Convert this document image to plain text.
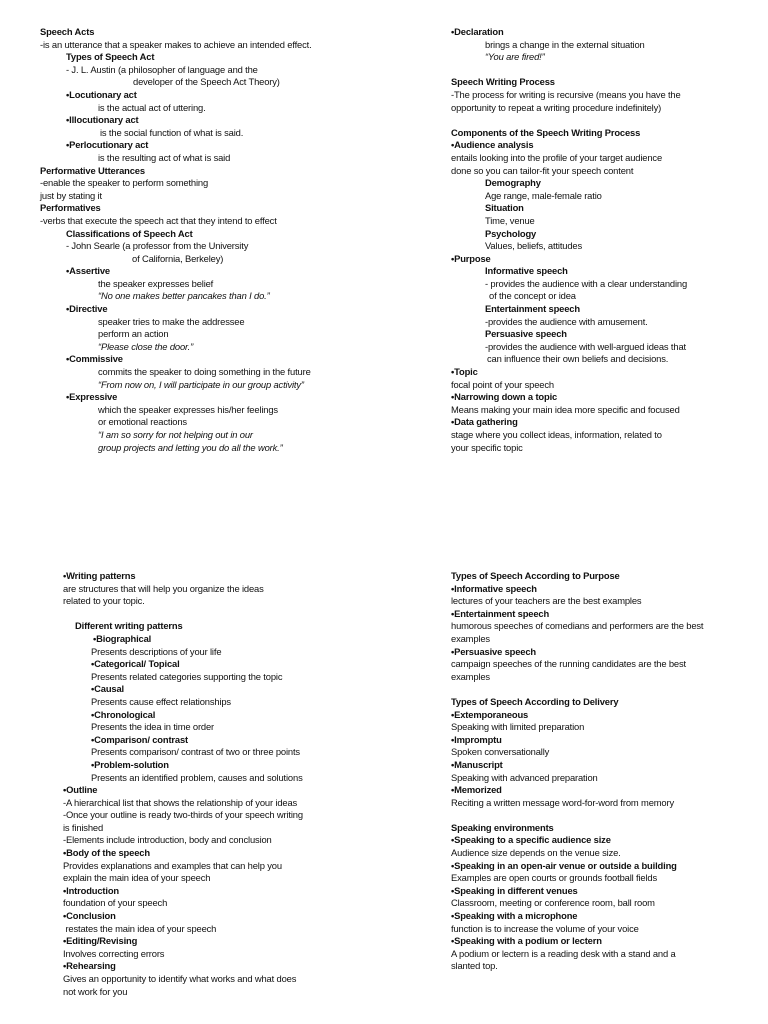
Speech Acts
-is an utterance that a speaker makes to achieve an intended effect.
Types of Speech Act
- J. L. Austin (a philosopher of language and the
developer of the Speech Act Theory)
•Locutionary act
is the actual act of uttering.
•Illocutionary act
is the social function of what is said.
•Perlocutionary act
is the resulting act of what is said
Performative Utterances
-enable the speaker to perform something
just by stating it
Performatives
-verbs that execute the speech act that they intend to effect
Classifications of Speech Act
- John Searle (a professor from the University
of California, Berkeley)
•Assertive
the speaker expresses belief
“No one makes better pancakes than I do.”
•Directive
speaker tries to make the addressee
perform an action
“Please close the door.”
•Commissive
commits the speaker to doing something in the future
“From now on, I will participate in our group activity”
•Expressive
which the speaker expresses his/her feelings
or emotional reactions
“I am so sorry for not helping out in our
group projects and letting you do all the work.”
•Declaration
brings a change in the external situation
“You are fired!”
Speech Writing Process
-The process for writing is recursive (means you have the
opportunity to repeat a writing procedure indefinitely)
Components of the Speech Writing Process
•Audience analysis
entails looking into the profile of your target audience
done so you can tailor-fit your speech content
Demography
Age range, male-female ratio
Situation
Time, venue
Psychology
Values, beliefs, attitudes
•Purpose
Informative speech
- provides the audience with a clear understanding
of the concept or idea
Entertainment speech
-provides the audience with amusement.
Persuasive speech
-provides the audience with well-argued ideas that
can influence their own beliefs and decisions.
•Topic
focal point of your speech
•Narrowing down a topic
Means making your main idea more specific and focused
•Data gathering
stage where you collect ideas, information, related to
your specific topic
•Writing patterns
are structures that will help you organize the ideas
related to your topic.
Different writing patterns
•Biographical
Presents descriptions of your life
•Categorical/ Topical
Presents related categories supporting the topic
•Causal
Presents cause effect relationships
•Chronological
Presents the idea in time order
•Comparison/ contrast
Presents comparison/ contrast of two or three points
•Problem-solution
Presents an identified problem, causes and solutions
•Outline
-A hierarchical list that shows the relationship of your ideas
-Once your outline is ready two-thirds of your speech writing
is finished
-Elements include introduction, body and conclusion
•Body of the speech
Provides explanations and examples that can help you
explain the main idea of your speech
•Introduction
foundation of your speech
•Conclusion
restates the main idea of your speech
•Editing/Revising
Involves correcting errors
•Rehearsing
Gives an opportunity to identify what works and what does
not work for you
Types of Speech According to Purpose
•Informative speech
lectures of your teachers are the best examples
•Entertainment speech
humorous speeches of comedians and performers are the best
examples
•Persuasive speech
campaign speeches of the running candidates are the best
examples
Types of Speech According to Delivery
•Extemporaneous
Speaking with limited preparation
•Impromptu
Spoken conversationally
•Manuscript
Speaking with advanced preparation
•Memorized
Reciting a written message word-for-word from memory
Speaking environments
•Speaking to a specific audience size
Audience size depends on the venue size.
•Speaking in an open-air venue or outside a building
Examples are open courts or grounds football fields
•Speaking in different venues
Classroom, meeting or conference room, ball room
•Speaking with a microphone
function is to increase the volume of your voice
•Speaking with a podium or lectern
A podium or lectern is a reading desk with a stand and a
slanted top.
